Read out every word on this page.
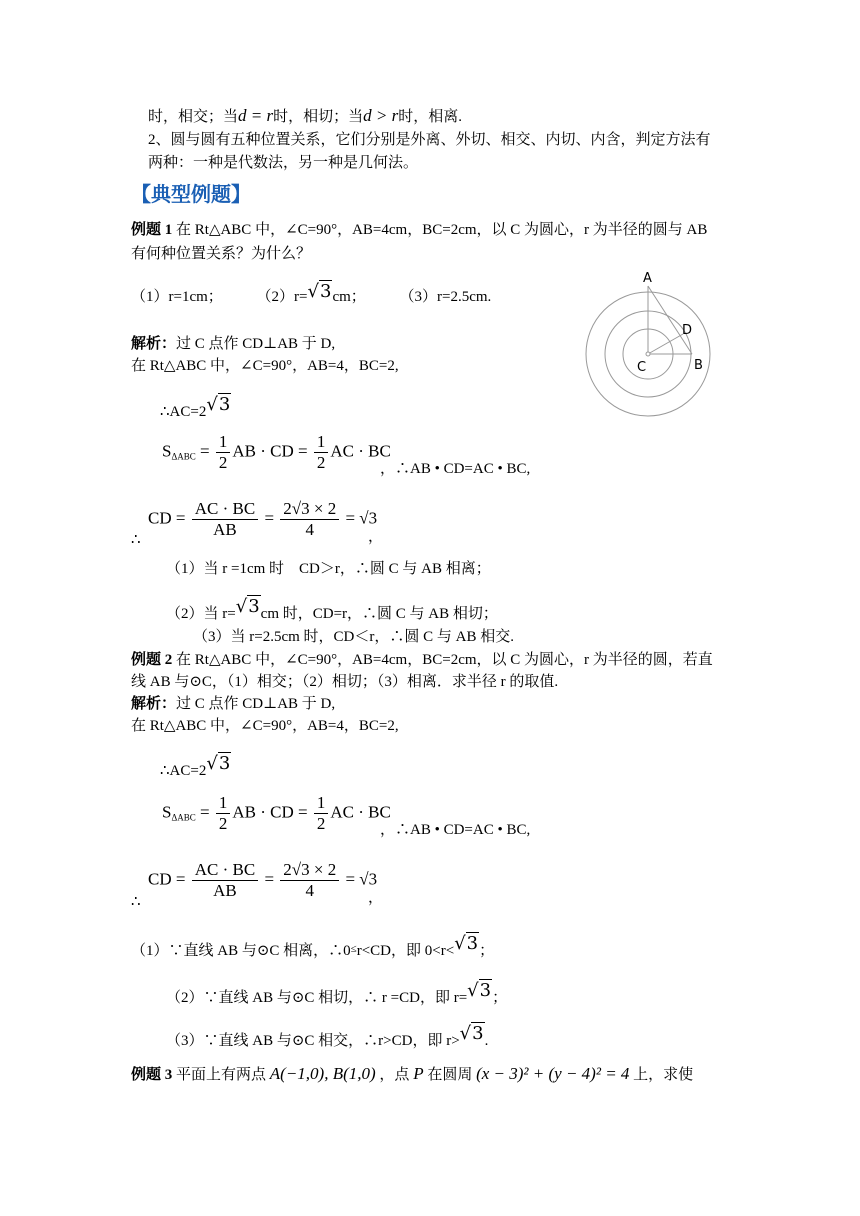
时，相交；当d = r时，相切；当d > r时，相离.
2、圆与圆有五种位置关系，它们分别是外离、外切、相交、内切、内含，判定方法有
两种：一种是代数法，另一种是几何法。
【典型例题】
例题 1 在 Rt△ABC 中，∠C=90°，AB=4cm，BC=2cm，以 C 为圆心，r 为半径的圆与 AB
有何种位置关系？为什么？
（1）r=1cm； （2）r=√3cm； （3）r=2.5cm.
A
D
C	B
解析：过 C 点作 CD⊥AB 于 D,
在 Rt△ABC 中，∠C=90°，AB=4，BC=2,
∴AC=2√3
$S_{\Delta ABC} = \frac{1}{2}$ AB · CD = $\frac{1}{2}$ AC · BC
，∴AB • CD=AC • BC,
∴
CD = $\frac{AC \cdot BC}{AB} = \frac{2√3 \times 2}{4} = √3$
，
（1）当 r =1cm 时　CD＞r，∴圆 C 与 AB 相离；
（2）当 r=√3cm 时，CD=r，∴圆 C 与 AB 相切；
（3）当 r=2.5cm 时，CD＜r，∴圆 C 与 AB 相交.
例题 2 在 Rt△ABC 中，∠C=90°，AB=4cm，BC=2cm，以 C 为圆心，r 为半径的圆，若直
线 AB 与⊙C，（1）相交；（2）相切；（3）相离．求半径 r 的取值.
解析：过 C 点作 CD⊥AB 于 D,
在 Rt△ABC 中，∠C=90°，AB=4，BC=2,
∴AC=2√3
$S_{\Delta ABC} = \frac{1}{2}$ AB · CD = $\frac{1}{2}$ AC · BC
，∴AB • CD=AC • BC,
∴
CD = $\frac{AC \cdot BC}{AB} = \frac{2√3 \times 2}{4} = √3$
，
（1）∵直线 AB 与⊙C 相离，∴0≤r<CD，即 0<r<√3；
（2）∵直线 AB 与⊙C 相切，∴ r =CD，即 r=√3；
（3）∵直线 AB 与⊙C 相交，∴r>CD，即 r>√3.
例题 3 平面上有两点 A(−1,0), B(1,0) ，点 P 在圆周 (x − 3)² + (y − 4)² = 4 上，求使
